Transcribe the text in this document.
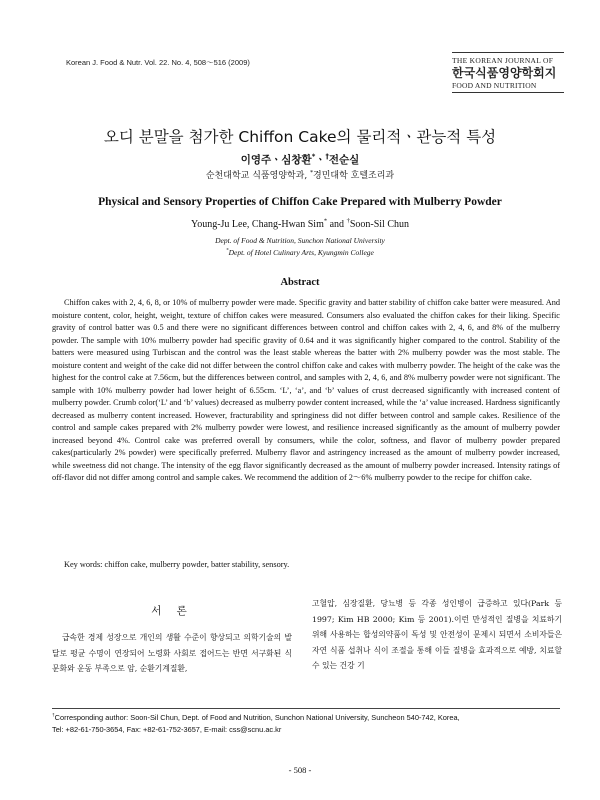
Korean J. Food & Nutr. Vol. 22. No. 4, 508～516 (2009)	THE KOREAN JOURNAL OF
한국식품영양학회지
FOOD AND NUTRITION
오디 분말을 첨가한 Chiffon Cake의 물리적ㆍ관능적 특성
이영주ㆍ심창환*ㆍ†전순실
순천대학교 식품영양학과, *경민대학 호텔조리과
Physical and Sensory Properties of Chiffon Cake Prepared with Mulberry Powder
Young-Ju Lee, Chang-Hwan Sim* and †Soon-Sil Chun
Dept. of Food & Nutrition, Sunchon National University
*Dept. of Hotel Culinary Arts, Kyungmin College
Abstract

Chiffon cakes with 2, 4, 6, 8, or 10% of mulberry powder were made. Specific gravity and batter stability of chiffon cake batter were measured. And moisture content, color, height, weight, texture of chiffon cakes were measured. Consumers also evaluated the chiffon cakes for their liking. Specific gravity of control batter was 0.5 and there were no significant differences between control and chiffon cakes with 2, 4, 6, and 8% of the mulberry powder. The sample with 10% mulberry powder had specific gravity of 0.64 and it was significantly higher compared to the control. Stability of the batters were measured using Turbiscan and the control was the least stable whereas the batter with 2% mulberry powder was the most stable. The moisture content and weight of the cake did not differ between the control chiffon cake and cakes with mulberry powder. The height of the cake was the highest for the control cake at 7.56cm, but the differences between control, and samples with 2, 4, 6, and 8% mulberry powder were not significant. The sample with 10% mulberry powder had lower height of 6.55cm. ‘L’, ‘a’, and ‘b’ values of crust decreased significantly with increased content of mulberry powder. Crumb color(‘L’ and ‘b’ values) decreased as mulberry powder content increased, while the ‘a’ value increased. Hardness significantly decreased as mulberry content increased. However, fracturability and springiness did not differ between control and sample cakes. Resilience of the control and sample cakes prepared with 2% mulberry powder were lowest, and resilience increased significantly as the amount of mulberry powder increased beyond 4%. Control cake was preferred overall by consumers, while the color, softness, and flavor of mulberry powder prepared cakes(particularly 2% powder) were specifically preferred. Mulberry flavor and astringency increased as the amount of mulberry powder increased, while sweetness did not change. The intensity of the egg flavor significantly decreased as the amount of mulberry powder increased. Intensity ratings of off-flavor did not differ among control and sample cakes. We recommend the addition of 2～6% mulberry powder to the recipe for chiffon cake.

Key words: chiffon cake, mulberry powder, batter stability, sensory.

서 론

급속한 경제 성장으로 개인의 생활 수준이 향상되고 의학기술의 발달로 평균 수명이 연장되어 노령화 사회로 접어드는 반면 서구화된 식문화와 운동 부족으로 암, 순환기계질환,

고혈압, 심장질환, 당뇨병 등 각종 성인병이 급증하고 있다(Park 등 1997; Kim HB 2000; Kim 등 2001).이런 만성적인 질병을 치료하기 위해 사용하는 합성의약품이 독성 및 안전성이 문제시 되면서 소비자들은 자연 식품 섭취나 식이 조절을 통해 이들 질병을 효과적으로 예방, 치료할 수 있는 건강 기

†Corresponding author: Soon-Sil Chun, Dept. of Food and Nutrition, Sunchon National University, Suncheon 540-742, Korea,
Tel: +82-61-750-3654, Fax: +82-61-752-3657, E-mail: css@scnu.ac.kr

- 508 -
